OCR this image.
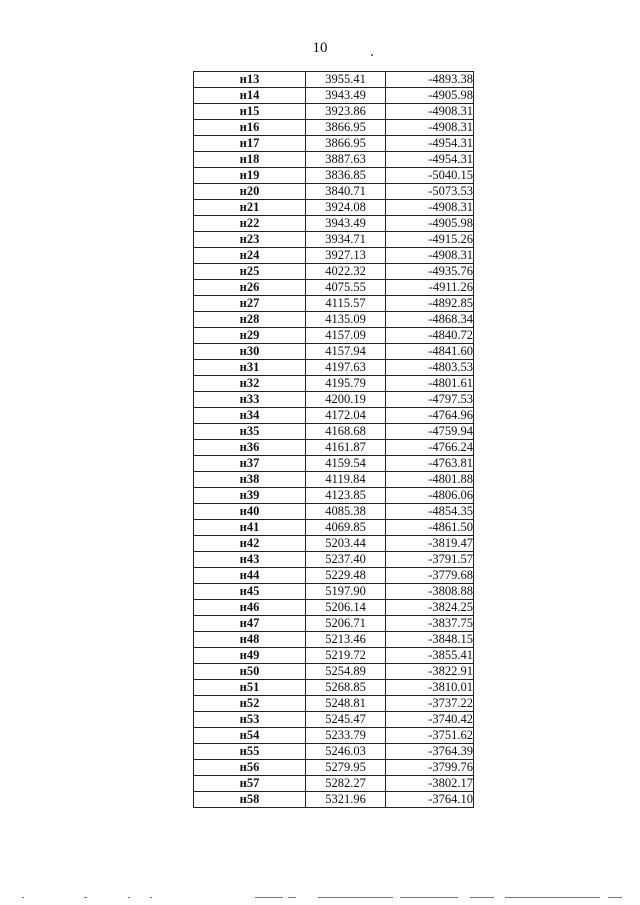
10
н13	3955.41	-4893.38
н14	3943.49	-4905.98
н15	3923.86	-4908.31
н16	3866.95	-4908.31
н17	3866.95	-4954.31
н18	3887.63	-4954.31
н19	3836.85	-5040.15
н20	3840.71	-5073.53
н21	3924.08	-4908.31
н22	3943.49	-4905.98
н23	3934.71	-4915.26
н24	3927.13	-4908.31
н25	4022.32	-4935.76
н26	4075.55	-4911.26
н27	4115.57	-4892.85
н28	4135.09	-4868.34
н29	4157.09	-4840.72
н30	4157.94	-4841.60
н31	4197.63	-4803.53
н32	4195.79	-4801.61
н33	4200.19	-4797.53
н34	4172.04	-4764.96
н35	4168.68	-4759.94
н36	4161.87	-4766.24
н37	4159.54	-4763.81
н38	4119.84	-4801.88
н39	4123.85	-4806.06
н40	4085.38	-4854.35
н41	4069.85	-4861.50
н42	5203.44	-3819.47
н43	5237.40	-3791.57
н44	5229.48	-3779.68
н45	5197.90	-3808.88
н46	5206.14	-3824.25
н47	5206.71	-3837.75
н48	5213.46	-3848.15
н49	5219.72	-3855.41
н50	5254.89	-3822.91
н51	5268.85	-3810.01
н52	5248.81	-3737.22
н53	5245.47	-3740.42
н54	5233.79	-3751.62
н55	5246.03	-3764.39
н56	5279.95	-3799.76
н57	5282.27	-3802.17
н58	5321.96	-3764.10
